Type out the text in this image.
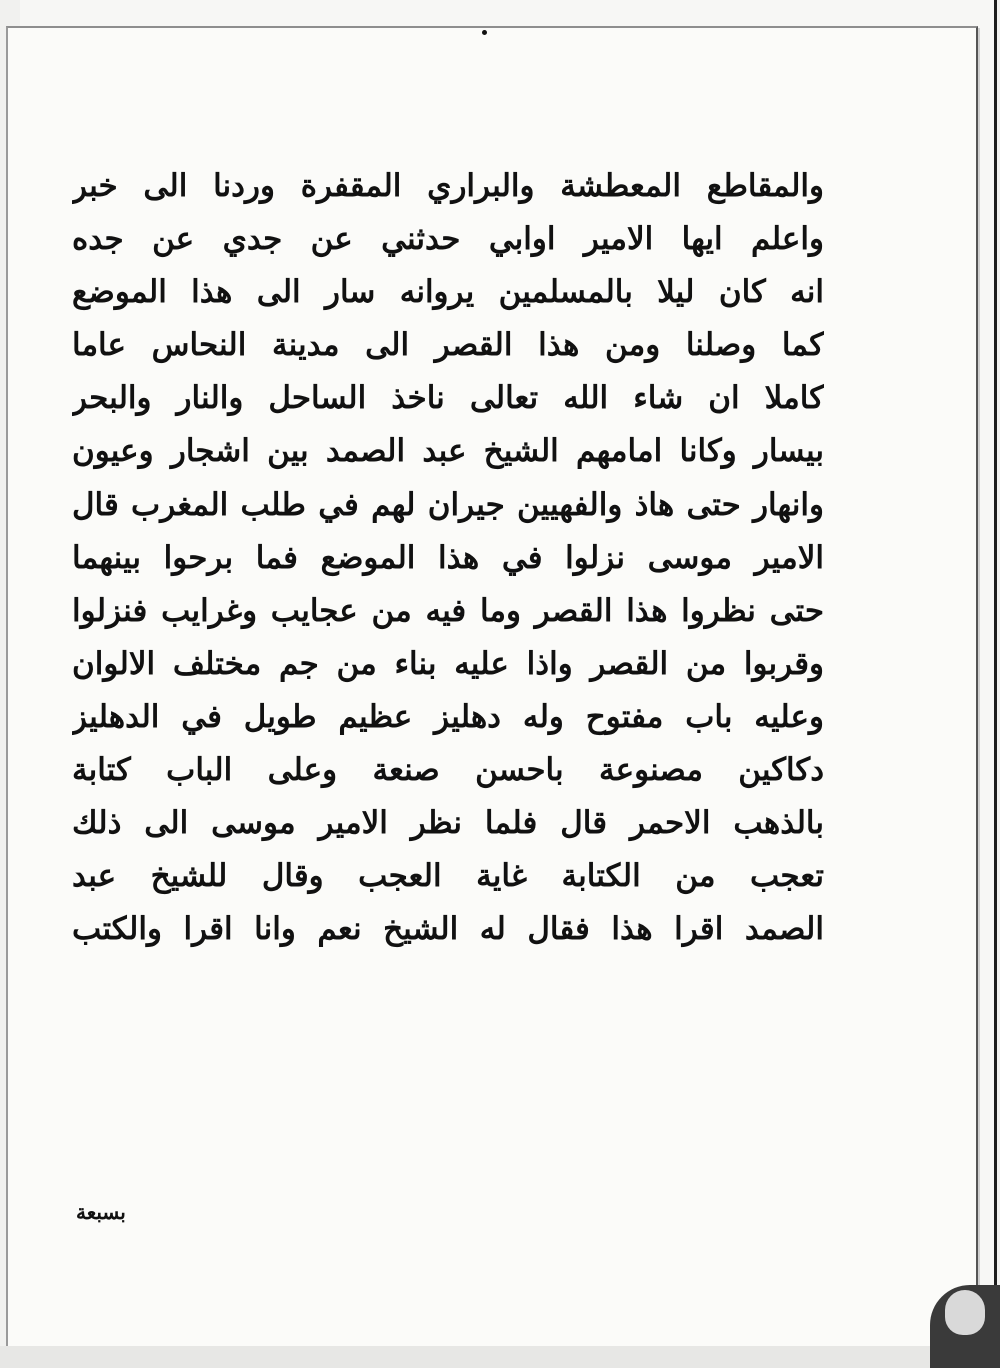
والمقاطع المعطشة والبراري المقفرة وردنا الى خبر
واعلم ايها الامير اوابي حدثني عن جدي عن جده
انه كان ليلا بالمسلمين يروانه سار الى هذا الموضع
كما وصلنا ومن هذا القصر الى مدينة النحاس عاما
كاملا ان شاء الله تعالى ناخذ الساحل والنار والبحر
بيسار وكانا امامهم الشيخ عبد الصمد بين اشجار وعيون
وانهار حتى هاذ والفهيين جيران لهم في طلب المغرب قال
الامير موسى نزلوا في هذا الموضع فما برحوا بينهما
حتى نظروا هذا القصر وما فيه من عجايب وغرايب فنزلوا
وقربوا من القصر واذا عليه بناء من جم مختلف الالوان
وعليه باب مفتوح وله دهليز عظيم طويل في الدهليز
دكاكين مصنوعة باحسن صنعة وعلى الباب كتابة
بالذهب الاحمر قال فلما نظر الامير موسى الى ذلك
تعجب من الكتابة غاية العجب وقال للشيخ عبد
الصمد اقرا هذا فقال له الشيخ نعم وانا اقرا والكتب
بسبعة
